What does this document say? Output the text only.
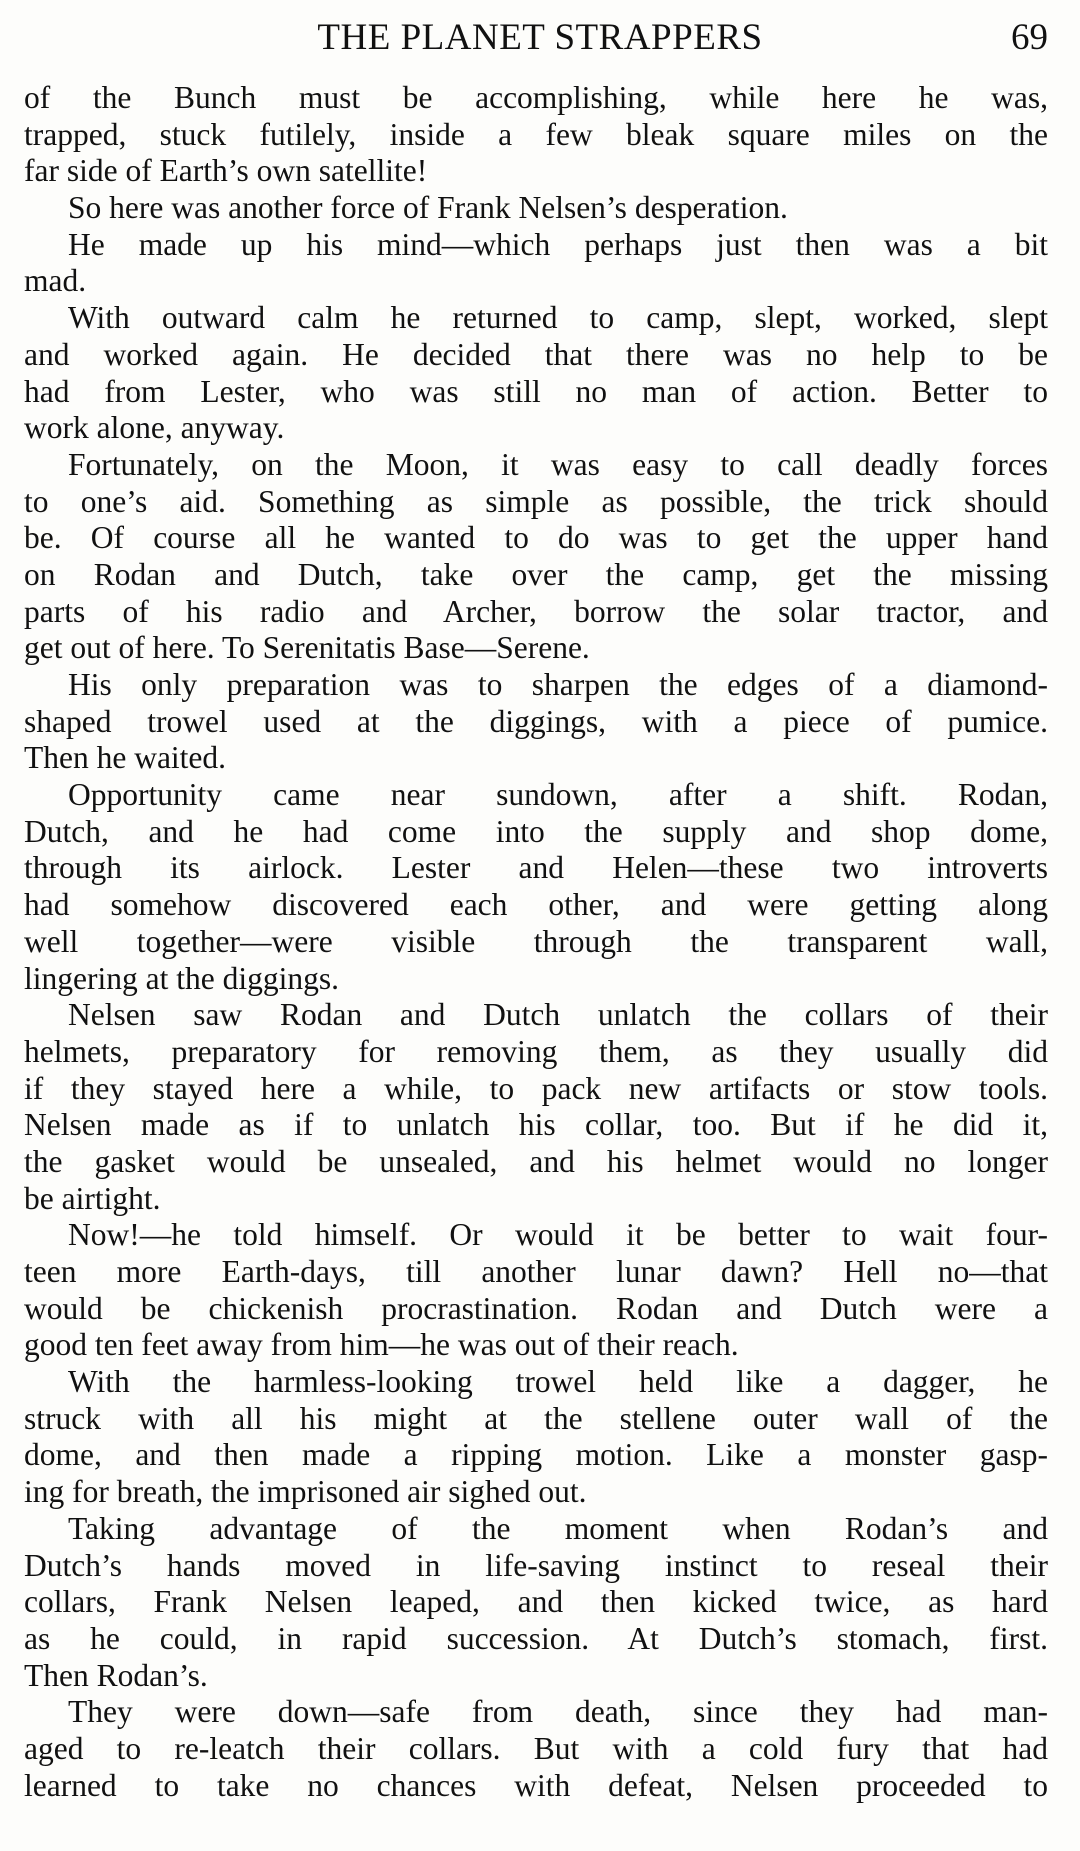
THE PLANET STRAPPERS	69
of the Bunch must be accomplishing, while here he was,
trapped, stuck futilely, inside a few bleak square miles on the
far side of Earth’s own satellite!
So here was another force of Frank Nelsen’s desperation.
He made up his mind—which perhaps just then was a bit
mad.
With outward calm he returned to camp, slept, worked, slept
and worked again. He decided that there was no help to be
had from Lester, who was still no man of action. Better to
work alone, anyway.
Fortunately, on the Moon, it was easy to call deadly forces
to one’s aid. Something as simple as possible, the trick should
be. Of course all he wanted to do was to get the upper hand
on Rodan and Dutch, take over the camp, get the missing
parts of his radio and Archer, borrow the solar tractor, and
get out of here. To Serenitatis Base—Serene.
His only preparation was to sharpen the edges of a diamond-
shaped trowel used at the diggings, with a piece of pumice.
Then he waited.
Opportunity came near sundown, after a shift. Rodan,
Dutch, and he had come into the supply and shop dome,
through its airlock. Lester and Helen—these two introverts
had somehow discovered each other, and were getting along
well together—were visible through the transparent wall,
lingering at the diggings.
Nelsen saw Rodan and Dutch unlatch the collars of their
helmets, preparatory for removing them, as they usually did
if they stayed here a while, to pack new artifacts or stow tools.
Nelsen made as if to unlatch his collar, too. But if he did it,
the gasket would be unsealed, and his helmet would no longer
be airtight.
Now!—he told himself. Or would it be better to wait four-
teen more Earth-days, till another lunar dawn? Hell no—that
would be chickenish procrastination. Rodan and Dutch were a
good ten feet away from him—he was out of their reach.
With the harmless-looking trowel held like a dagger, he
struck with all his might at the stellene outer wall of the
dome, and then made a ripping motion. Like a monster gasp-
ing for breath, the imprisoned air sighed out.
Taking advantage of the moment when Rodan’s and
Dutch’s hands moved in life-saving instinct to reseal their
collars, Frank Nelsen leaped, and then kicked twice, as hard
as he could, in rapid succession. At Dutch’s stomach, first.
Then Rodan’s.
They were down—safe from death, since they had man-
aged to re-leatch their collars. But with a cold fury that had
learned to take no chances with defeat, Nelsen proceeded to
